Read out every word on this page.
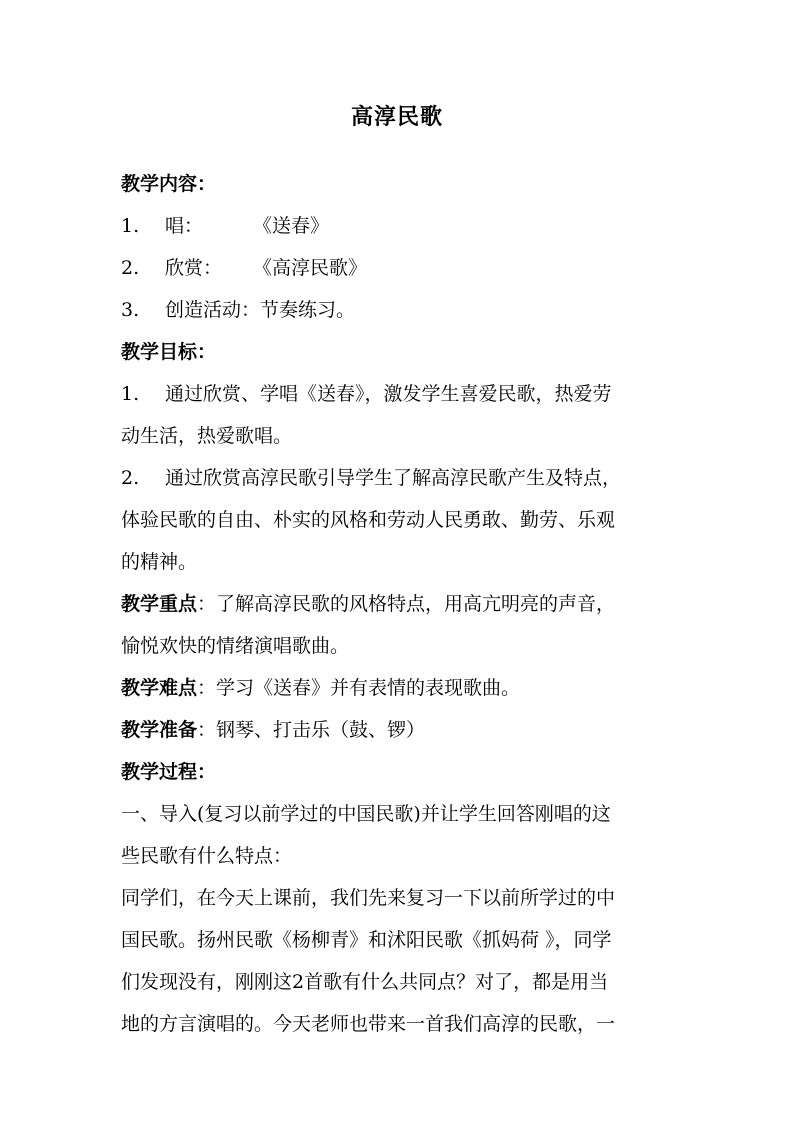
高淳民歌
教学内容：
1. 唱：	《送春》
2. 欣赏： 《高淳民歌》
3. 创造活动：节奏练习。
教学目标：
1. 通过欣赏、学唱《送春》，激发学生喜爱民歌，热爱劳
动生活，热爱歌唱。
2. 通过欣赏高淳民歌引导学生了解高淳民歌产生及特点，
体验民歌的自由、朴实的风格和劳动人民勇敢、勤劳、乐观
的精神。
教学重点：了解高淳民歌的风格特点，用高亢明亮的声音，
愉悦欢快的情绪演唱歌曲。
教学难点：学习《送春》并有表情的表现歌曲。
教学准备：钢琴、打击乐（鼓、锣）
教学过程：
一、导入(复习以前学过的中国民歌)并让学生回答刚唱的这
些民歌有什么特点：
同学们，在今天上课前，我们先来复习一下以前所学过的中
国民歌。扬州民歌《杨柳青》和沭阳民歌《抓妈荷 》，同学
们发现没有，刚刚这2首歌有什么共同点？对了，都是用当
地的方言演唱的。今天老师也带来一首我们高淳的民歌，一
